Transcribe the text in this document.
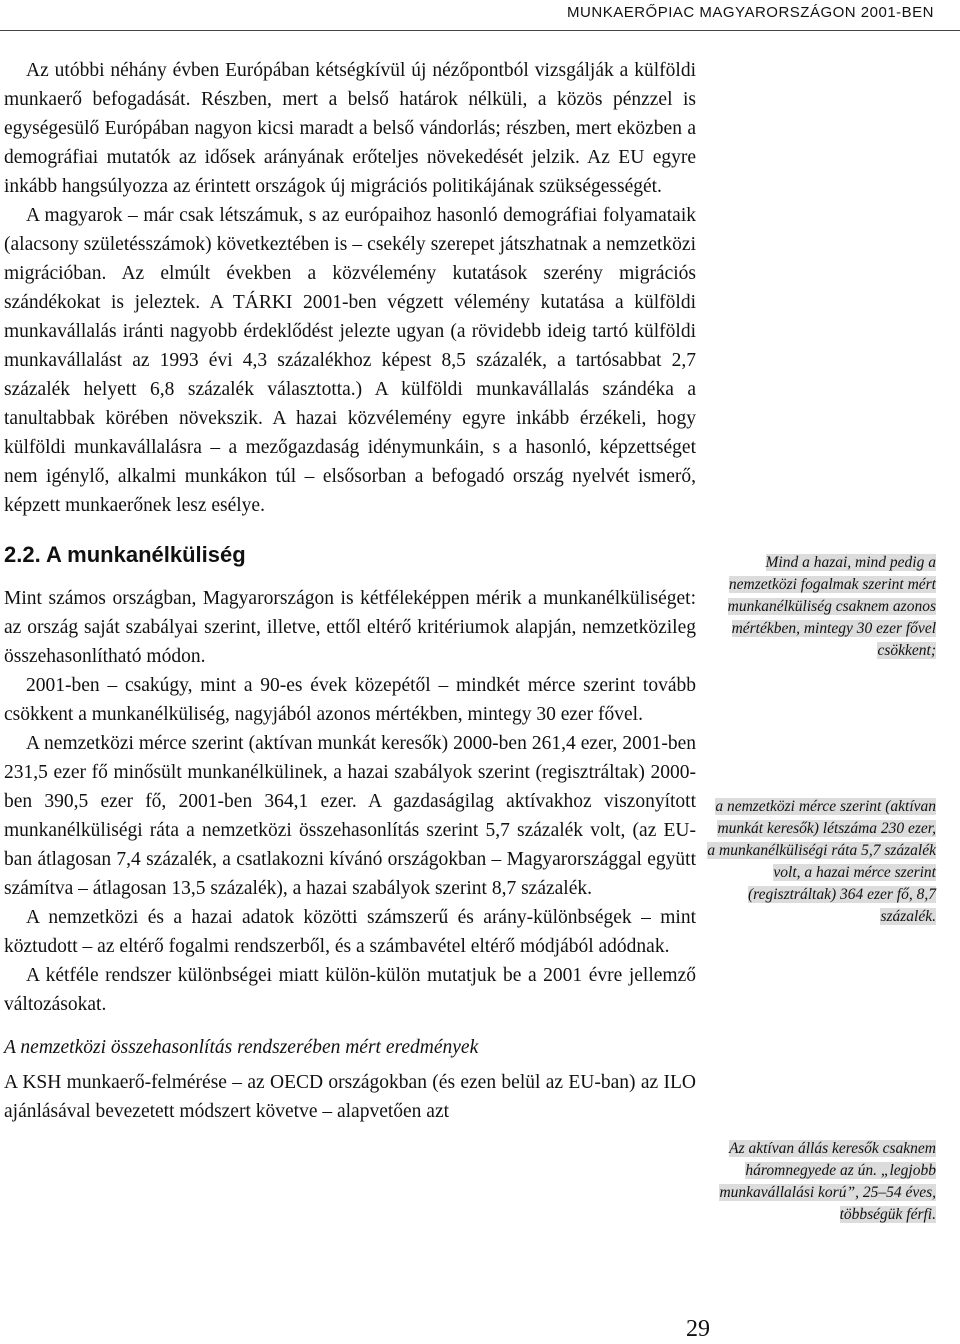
MUNKAERŐPIAC MAGYARORSZÁGON 2001-BEN

Az utóbbi néhány évben Európában kétségkívül új nézőpontból vizsgálják a külföldi munkaerő befogadását. Részben, mert a belső határok nélküli, a közös pénzzel is egységesülő Európában nagyon kicsi maradt a belső vándorlás; részben, mert eközben a demográfiai mutatók az idősek arányának erőteljes növekedését jelzik. Az EU egyre inkább hangsúlyozza az érintett országok új migrációs politikájának szükségességét.

A magyarok – már csak létszámuk, s az európaihoz hasonló demográfiai folyamataik (alacsony születésszámok) következtében is – csekély szerepet játszhatnak a nemzetközi migrációban. Az elmúlt években a közvélemény kutatások szerény migrációs szándékokat is jeleztek. A TÁRKI 2001-ben végzett vélemény kutatása a külföldi munkavállalás iránti nagyobb érdeklődést jelezte ugyan (a rövidebb ideig tartó külföldi munkavállalást az 1993 évi 4,3 százalékhoz képest 8,5 százalék, a tartósabbat 2,7 százalék helyett 6,8 százalék választotta.) A külföldi munkavállalás szándéka a tanultabbak körében növekszik. A hazai közvélemény egyre inkább érzékeli, hogy külföldi munkavállalásra – a mezőgazdaság idénymunkáin, s a hasonló, képzettséget nem igénylő, alkalmi munkákon túl – elsősorban a befogadó ország nyelvét ismerő, képzett munkaerőnek lesz esélye.

2.2. A munkanélküliség

Mint számos országban, Magyarországon is kétféleképpen mérik a munkanélküliséget: az ország saját szabályai szerint, illetve, ettől eltérő kritériumok alapján, nemzetközileg összehasonlítható módon.

2001-ben – csakúgy, mint a 90-es évek közepétől – mindkét mérce szerint tovább csökkent a munkanélküliség, nagyjából azonos mértékben, mintegy 30 ezer fővel.

A nemzetközi mérce szerint (aktívan munkát keresők) 2000-ben 261,4 ezer, 2001-ben 231,5 ezer fő minősült munkanélkülinek, a hazai szabályok szerint (regisztráltak) 2000-ben 390,5 ezer fő, 2001-ben 364,1 ezer. A gazdaságilag aktívakhoz viszonyított munkanélküliségi ráta a nemzetközi összehasonlítás szerint 5,7 százalék volt, (az EU-ban átlagosan 7,4 százalék, a csatlakozni kívánó országokban – Magyarországgal együtt számítva – átlagosan 13,5 százalék), a hazai szabályok szerint 8,7 százalék.

A nemzetközi és a hazai adatok közötti számszerű és arány-különbségek – mint köztudott – az eltérő fogalmi rendszerből, és a számbavétel eltérő módjából adódnak.

A kétféle rendszer különbségei miatt külön-külön mutatjuk be a 2001 évre jellemző változásokat.

A nemzetközi összehasonlítás rendszerében mért eredmények

A KSH munkaerő-felmérése – az OECD országokban (és ezen belül az EU-ban) az ILO ajánlásával bevezetett módszert követve – alapvetően azt

Mind a hazai, mind pedig a nemzetközi fogalmak szerint mért munkanélküliség csaknem azonos mértékben, mintegy 30 ezer fővel csökkent;
a nemzetközi mérce szerint (aktívan munkát keresők) létszáma 230 ezer, a munkanélküliségi ráta 5,7 százalék volt, a hazai mérce szerint (regisztráltak) 364 ezer fő, 8,7 százalék.
Az aktívan állás keresők csaknem háromnegyede az ún. „legjobb munkavállalási korú”, 25–54 éves, többségük férfi.
29
